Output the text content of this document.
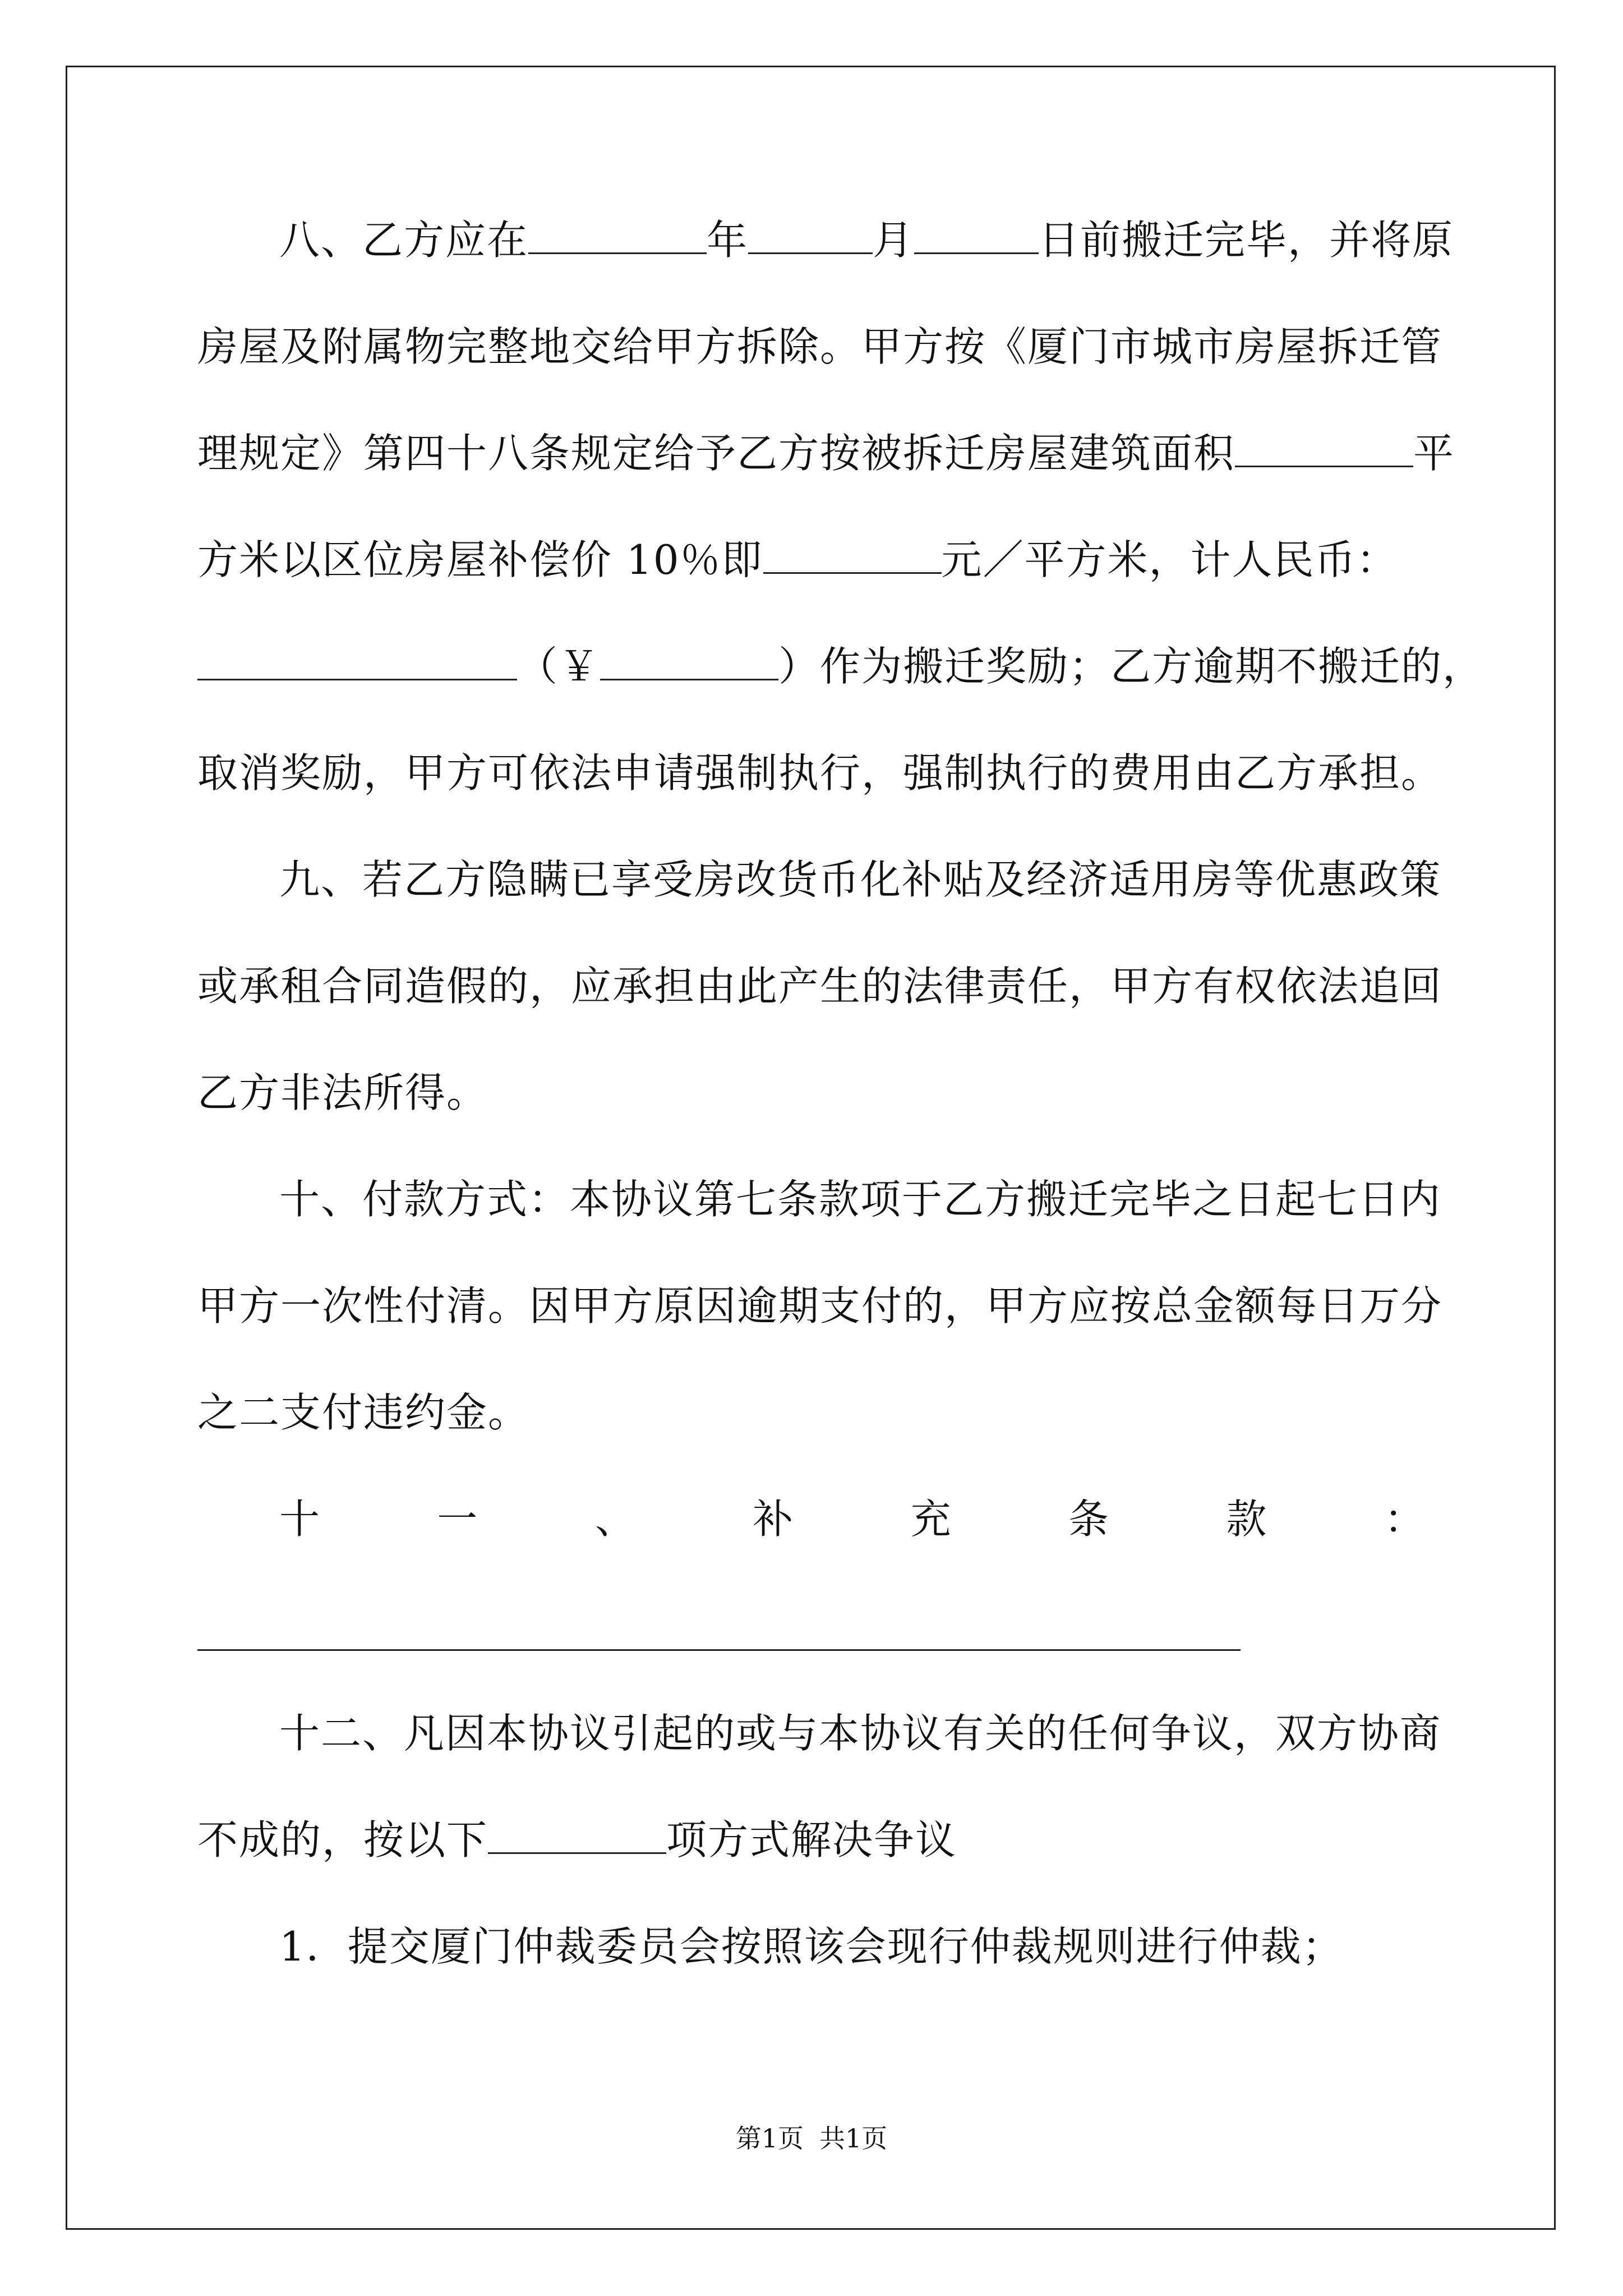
八、乙方应在	年	月	日前搬迁完毕，并将原
房屋及附属物完整地交给甲方拆除。甲方按《厦门市城市房屋拆迁管
理规定》第四十八条规定给予乙方按被拆迁房屋建筑面积	平
方米以区位房屋补偿价 10％即	元／平方米，计人民币：
（￥	）作为搬迁奖励；乙方逾期不搬迁的，
取消奖励，甲方可依法申请强制执行，强制执行的费用由乙方承担。
九、若乙方隐瞒已享受房改货币化补贴及经济适用房等优惠政策
或承租合同造假的，应承担由此产生的法律责任，甲方有权依法追回
乙方非法所得。
十、付款方式：本协议第七条款项于乙方搬迁完毕之日起七日内
甲方一次性付清。因甲方原因逾期支付的，甲方应按总金额每日万分
之二支付违约金。
十一、补充条款：
十二、凡因本协议引起的或与本协议有关的任何争议，双方协商
不成的，按以下	项方式解决争议
1．提交厦门仲裁委员会按照该会现行仲裁规则进行仲裁；
第1页 共1页
